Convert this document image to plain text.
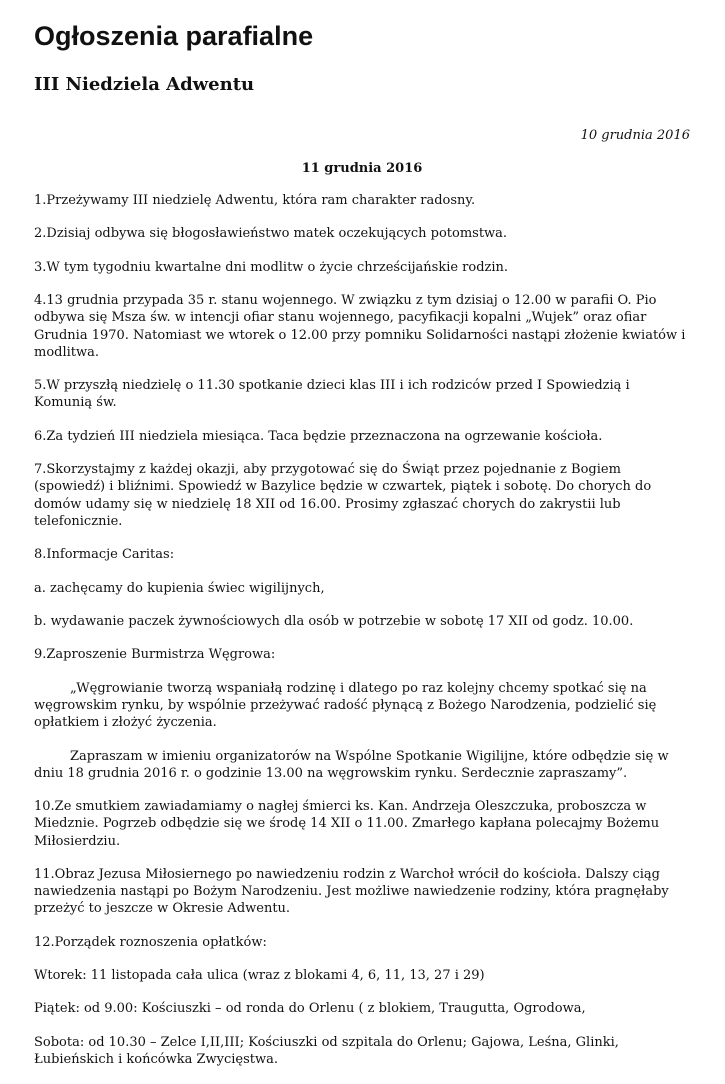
Ogłoszenia parafialne
III Niedziela Adwentu
10 grudnia 2016
11 grudnia 2016

1.Przeżywamy III niedzielę Adwentu, która ram charakter radosny.

2.Dzisiaj odbywa się błogosławieństwo matek oczekujących potomstwa.

3.W tym tygodniu kwartalne dni modlitw o życie chrześcijańskie rodzin.

4.13 grudnia przypada 35 r. stanu wojennego. W związku z tym dzisiaj o 12.00 w parafii O. Pio odbywa się Msza św. w intencji ofiar stanu wojennego, pacyfikacji kopalni „Wujek” oraz ofiar Grudnia 1970. Natomiast we wtorek o 12.00 przy pomniku Solidarności nastąpi złożenie kwiatów i modlitwa.

5.W przyszłą niedzielę o 11.30 spotkanie dzieci klas III i ich rodziców przed I Spowiedzią i Komunią św.

6.Za tydzień III niedziela miesiąca. Taca będzie przeznaczona na ogrzewanie kościoła.

7.Skorzystajmy z każdej okazji, aby przygotować się do Świąt przez pojednanie z Bogiem (spowiedź) i bliźnimi. Spowiedź w Bazylice będzie w czwartek, piątek i sobotę. Do chorych do domów udamy się w niedzielę 18 XII od 16.00. Prosimy zgłaszać chorych do zakrystii lub telefonicznie.

8.Informacje Caritas:

a. zachęcamy do kupienia świec wigilijnych,

b. wydawanie paczek żywnościowych dla osób w potrzebie w sobotę 17 XII od godz. 10.00.

9.Zaproszenie Burmistrza Węgrowa:

„Węgrowianie tworzą wspaniałą rodzinę i dlatego po raz kolejny chcemy spotkać się na węgrowskim rynku, by wspólnie przeżywać radość płynącą z Bożego Narodzenia, podzielić się opłatkiem i złożyć życzenia.

Zapraszam w imieniu organizatorów na Wspólne Spotkanie Wigilijne, które odbędzie się w dniu 18 grudnia 2016 r. o godzinie 13.00 na węgrowskim rynku. Serdecznie zapraszamy”.

10.Ze smutkiem zawiadamiamy o nagłej śmierci ks. Kan. Andrzeja Oleszczuka, proboszcza w Miedznie. Pogrzeb odbędzie się we środę 14 XII o 11.00. Zmarłego kapłana polecajmy Bożemu Miłosierdziu.

11.Obraz Jezusa Miłosiernego po nawiedzeniu rodzin z Warchoł wrócił do kościoła. Dalszy ciąg nawiedzenia nastąpi po Bożym Narodzeniu. Jest możliwe nawiedzenie rodziny, która pragnęłaby przeżyć to jeszcze w Okresie Adwentu.

12.Porządek roznoszenia opłatków:

Wtorek: 11 listopada cała ulica (wraz z blokami 4, 6, 11, 13, 27 i 29)

Piątek: od 9.00: Kościuszki – od ronda do Orlenu ( z blokiem, Traugutta, Ogrodowa,

Sobota: od 10.30 – Zelce I,II,III; Kościuszki od szpitala do Orlenu; Gajowa, Leśna, Glinki, Łubieńskich i końcówka Zwycięstwa.
